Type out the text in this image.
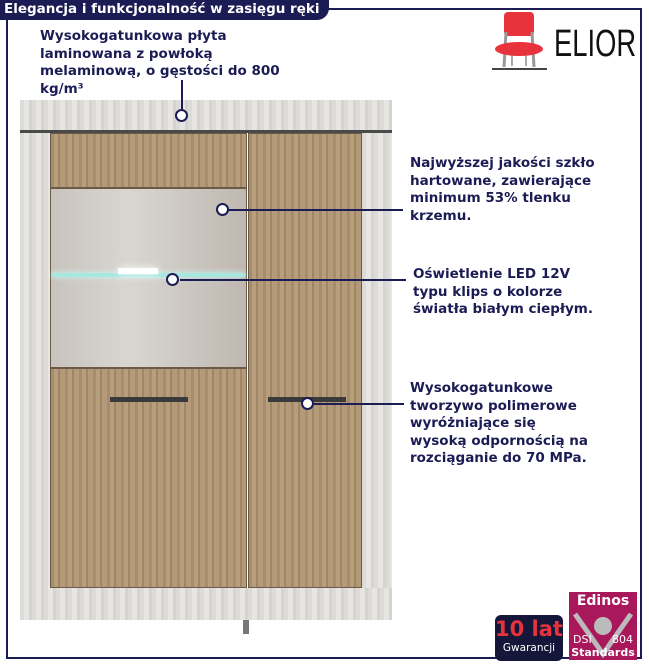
Elegancja i funkcjonalność w zasięgu ręki
ELIOR
Wysokogatunkowa płyta
laminowana z powłoką
melaminową, o gęstości do 800
kg/m³
Najwyższej jakości szkło
hartowane, zawierające
minimum 53% tlenku
krzemu.
Oświetlenie LED 12V
typu klips o kolorze
światła białym ciepłym.
Wysokogatunkowe
tworzywo polimerowe
wyróżniające się
wysoką odpornością na
rozciąganie do 70 MPa.
10 lat
Gwarancji
Edinos
DSI 804
Standards
